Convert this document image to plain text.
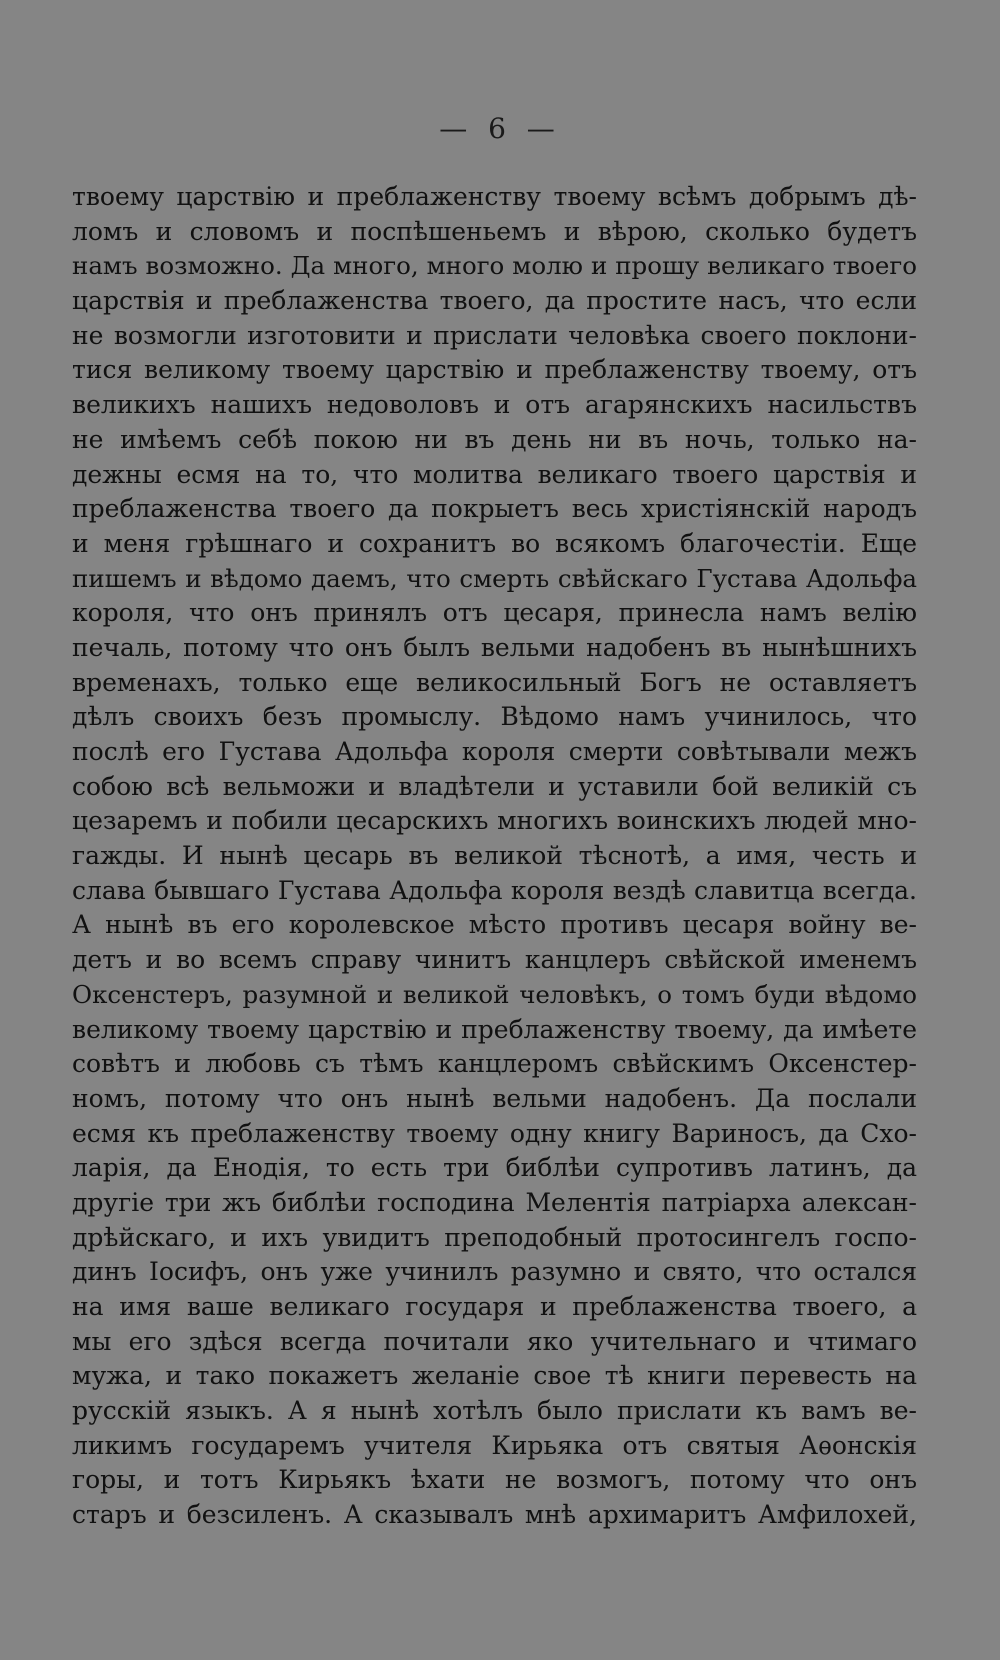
— 6 —
твоему царствію и преблаженству твоему всѣмъ добрымъ дѣ-
ломъ и словомъ и поспѣшеньемъ и вѣрою, сколько будетъ
намъ возможно. Да много, много молю и прошу великаго твоего
царствія и преблаженства твоего, да простите насъ, что если
не возмогли изготовити и прислати человѣка своего поклони-
тися великому твоему царствію и преблаженству твоему, отъ
великихъ нашихъ недоволовъ и отъ агарянскихъ насильствъ
не имѣемъ себѣ покою ни въ день ни въ ночь, только на-
дежны есмя на то, что молитва великаго твоего царствія и
преблаженства твоего да покрыетъ весь христіянскій народъ
и меня грѣшнаго и сохранитъ во всякомъ благочестіи. Еще
пишемъ и вѣдомо даемъ, что смерть свѣйскаго Густава Адольфа
короля, что онъ принялъ отъ цесаря, принесла намъ велію
печаль, потому что онъ былъ вельми надобенъ въ нынѣшнихъ
временахъ, только еще великосильный Богъ не оставляетъ
дѣлъ своихъ безъ промыслу. Вѣдомо намъ учинилось, что
послѣ его Густава Адольфа короля смерти совѣтывали межъ
собою всѣ вельможи и владѣтели и уставили бой великій съ
цезаремъ и побили цесарскихъ многихъ воинскихъ людей мно-
гажды. И нынѣ цесарь въ великой тѣснотѣ, а имя, честь и
слава бывшаго Густава Адольфа короля вездѣ славитца всегда.
А нынѣ въ его королевское мѣсто противъ цесаря войну ве-
детъ и во всемъ справу чинитъ канцлеръ свѣйской именемъ
Оксенстеръ, разумной и великой человѣкъ, о томъ буди вѣдомо
великому твоему царствію и преблаженству твоему, да имѣете
совѣтъ и любовь съ тѣмъ канцлеромъ свѣйскимъ Оксенстер-
номъ, потому что онъ нынѣ вельми надобенъ. Да послали
есмя къ преблаженству твоему одну книгу Вариносъ, да Схо-
ларія, да Енодія, то есть три библѣи супротивъ латинъ, да
другіе три жъ библѣи господина Мелентія патріарха алексан-
дрѣйскаго, и ихъ увидитъ преподобный протосингелъ госпо-
динъ Іосифъ, онъ уже учинилъ разумно и свято, что остался
на имя ваше великаго государя и преблаженства твоего, а
мы его здѣся всегда почитали яко учительнаго и чтимаго
мужа, и тако покажетъ желаніе свое тѣ книги перевесть на
русскій языкъ. А я нынѣ хотѣлъ было прислати къ вамъ ве-
ликимъ государемъ учителя Кирьяка отъ святыя Аѳонскія
горы, и тотъ Кирьякъ ѣхати не возмогъ, потому что онъ
старъ и безсиленъ. А сказывалъ мнѣ архимаритъ Амфилохей,
